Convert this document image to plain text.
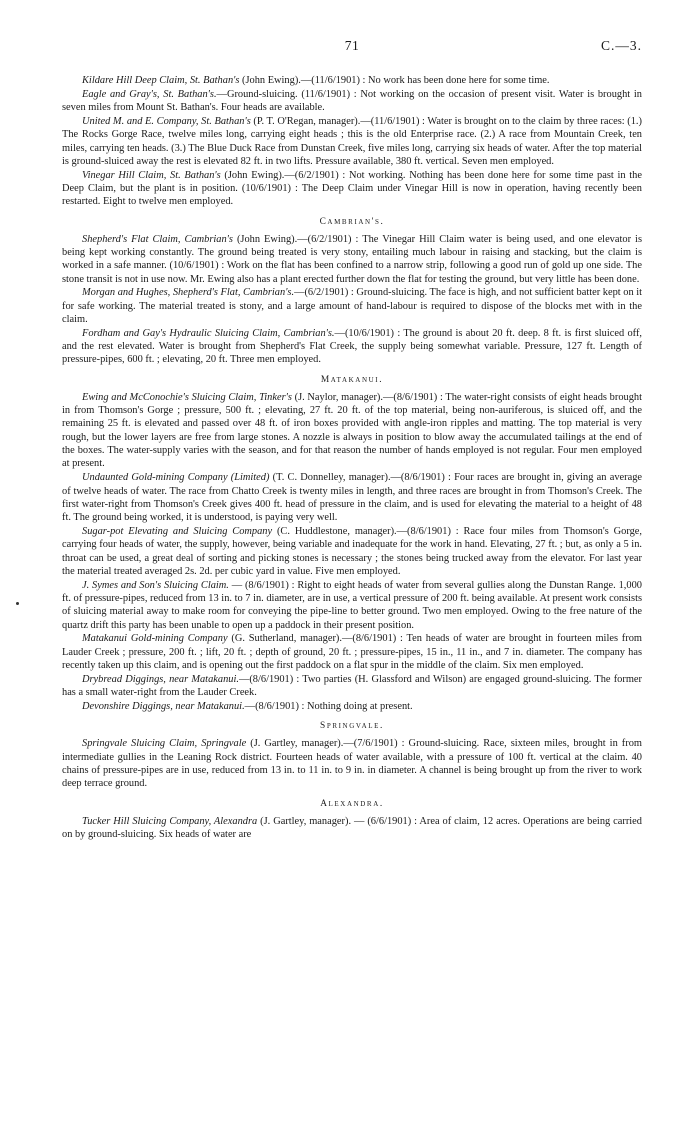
71	C.—3.

Kildare Hill Deep Claim, St. Bathan's (John Ewing).—(11/6/1901) : No work has been done here for some time.

Eagle and Gray's, St. Bathan's.—Ground-sluicing. (11/6/1901) : Not working on the occasion of present visit. Water is brought in seven miles from Mount St. Bathan's. Four heads are available.

United M. and E. Company, St. Bathan's (P. T. O'Regan, manager).—(11/6/1901) : Water is brought on to the claim by three races: (1.) The Rocks Gorge Race, twelve miles long, carrying eight heads ; this is the old Enterprise race. (2.) A race from Mountain Creek, ten miles, carrying ten heads. (3.) The Blue Duck Race from Dunstan Creek, five miles long, carrying six heads of water. After the top material is ground-sluiced away the rest is elevated 82 ft. in two lifts. Pressure available, 380 ft. vertical. Seven men employed.

Vinegar Hill Claim, St. Bathan's (John Ewing).—(6/2/1901) : Not working. Nothing has been done here for some time past in the Deep Claim, but the plant is in position. (10/6/1901) : The Deep Claim under Vinegar Hill is now in operation, having recently been restarted. Eight to twelve men employed.

Cambrian's.

Shepherd's Flat Claim, Cambrian's (John Ewing).—(6/2/1901) : The Vinegar Hill Claim water is being used, and one elevator is being kept working constantly. The ground being treated is very stony, entailing much labour in raising and stacking, but the claim is worked in a safe manner. (10/6/1901) : Work on the flat has been confined to a narrow strip, following a good run of gold up one side. The stone transit is not in use now. Mr. Ewing also has a plant erected further down the flat for testing the ground, but very little has been done.

Morgan and Hughes, Shepherd's Flat, Cambrian's.—(6/2/1901) : Ground-sluicing. The face is high, and not sufficient batter kept on it for safe working. The material treated is stony, and a large amount of hand-labour is required to dispose of the blocks met with in the claim.

Fordham and Gay's Hydraulic Sluicing Claim, Cambrian's.—(10/6/1901) : The ground is about 20 ft. deep. 8 ft. is first sluiced off, and the rest elevated. Water is brought from Shepherd's Flat Creek, the supply being somewhat variable. Pressure, 127 ft. Length of pressure-pipes, 600 ft. ; elevating, 20 ft. Three men employed.

Matakanui.

Ewing and McConochie's Sluicing Claim, Tinker's (J. Naylor, manager).—(8/6/1901) : The water-right consists of eight heads brought in from Thomson's Gorge ; pressure, 500 ft. ; elevating, 27 ft. 20 ft. of the top material, being non-auriferous, is sluiced off, and the remaining 25 ft. is elevated and passed over 48 ft. of iron boxes provided with angle-iron ripples and matting. The top material is very rough, but the lower layers are free from large stones. A nozzle is always in position to blow away the accumulated tailings at the end of the boxes. The water-supply varies with the season, and for that reason the number of hands employed is not regular. Four men employed at present.

Undaunted Gold-mining Company (Limited) (T. C. Donnelley, manager).—(8/6/1901) : Four races are brought in, giving an average of twelve heads of water. The race from Chatto Creek is twenty miles in length, and three races are brought in from Thomson's Creek. The first water-right from Thomson's Creek gives 400 ft. head of pressure in the claim, and is used for elevating the material to a height of 48 ft. The ground being worked, it is understood, is paying very well.

Sugar-pot Elevating and Sluicing Company (C. Huddlestone, manager).—(8/6/1901) : Race four miles from Thomson's Gorge, carrying four heads of water, the supply, however, being variable and inadequate for the work in hand. Elevating, 27 ft. ; but, as only a 5 in. throat can be used, a great deal of sorting and picking stones is necessary ; the stones being trucked away from the elevator. For last year the material treated averaged 2s. 2d. per cubic yard in value. Five men employed.

J. Symes and Son's Sluicing Claim. — (8/6/1901) : Right to eight heads of water from several gullies along the Dunstan Range. 1,000 ft. of pressure-pipes, reduced from 13 in. to 7 in. diameter, are in use, a vertical pressure of 200 ft. being available. At present work consists of sluicing material away to make room for conveying the pipe-line to better ground. Two men employed. Owing to the free nature of the quartz drift this party has been unable to open up a paddock in their present position.

Matakanui Gold-mining Company (G. Sutherland, manager).—(8/6/1901) : Ten heads of water are brought in fourteen miles from Lauder Creek ; pressure, 200 ft. ; lift, 20 ft. ; depth of ground, 20 ft. ; pressure-pipes, 15 in., 11 in., and 7 in. diameter. The company has recently taken up this claim, and is opening out the first paddock on a flat spur in the middle of the claim. Six men employed.

Drybread Diggings, near Matakanui.—(8/6/1901) : Two parties (H. Glassford and Wilson) are engaged ground-sluicing. The former has a small water-right from the Lauder Creek.

Devonshire Diggings, near Matakanui.—(8/6/1901) : Nothing doing at present.

Springvale.

Springvale Sluicing Claim, Springvale (J. Gartley, manager).—(7/6/1901) : Ground-sluicing. Race, sixteen miles, brought in from intermediate gullies in the Leaning Rock district. Fourteen heads of water available, with a pressure of 100 ft. vertical at the claim. 40 chains of pressure-pipes are in use, reduced from 13 in. to 11 in. to 9 in. in diameter. A channel is being brought up from the river to work deep terrace ground.

Alexandra.

Tucker Hill Sluicing Company, Alexandra (J. Gartley, manager). — (6/6/1901) : Area of claim, 12 acres. Operations are being carried on by ground-sluicing. Six heads of water are
